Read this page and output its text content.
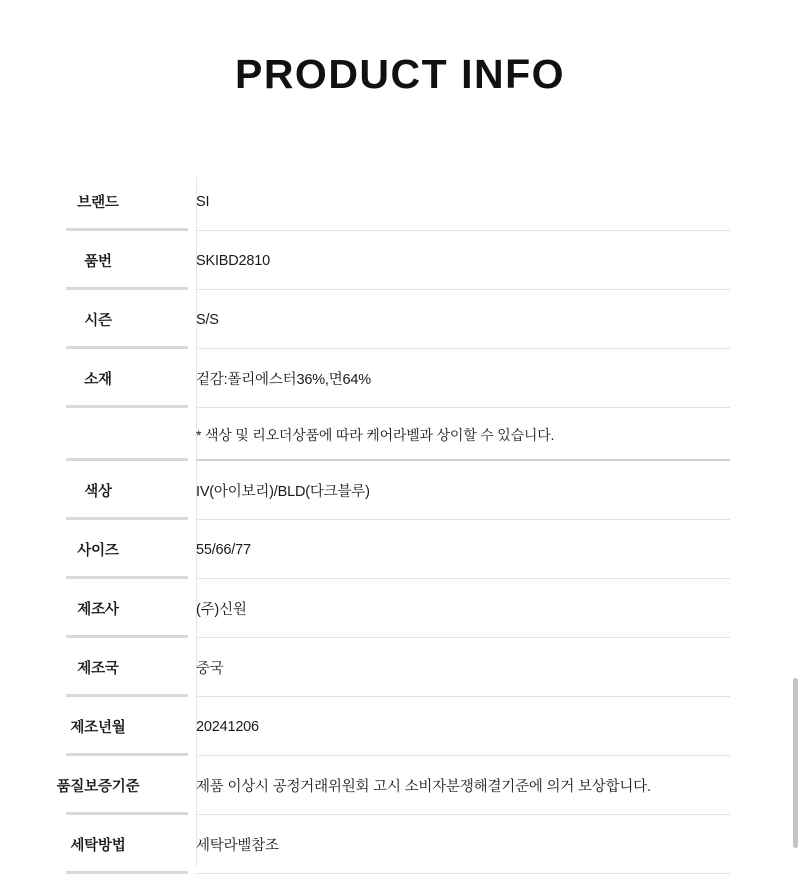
PRODUCT INFO
브랜드	SI

품번	SKIBD2810

시즌	S/S

소재	겉감:폴리에스터36%,면64%

	* 색상 및 리오더상품에 따라 케어라벨과 상이할 수 있습니다.

색상	IV(아이보리)/BLD(다크블루)

사이즈	55/66/77

제조사	(주)신원

제조국	중국

제조년월	20241206

품질보증기준	제품 이상시 공정거래위원회 고시 소비자분쟁해결기준에 의거 보상합니다.

세탁방법	세탁라벨참조
